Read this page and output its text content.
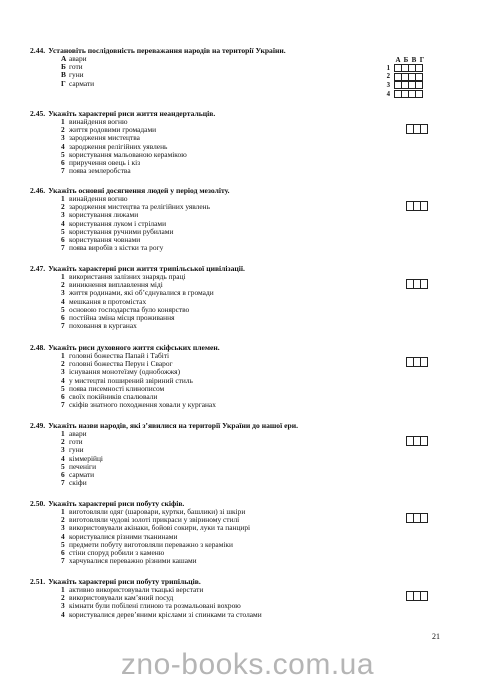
2.44. Установіть послідовність переважання народів на території України.
А авари
Б готи
В гуни
Г сармати
2.45. Укажіть характерні риси життя неандертальців.
1 винайдення вогню
2 життя родовими громадами
3 зародження мистецтва
4 зародження релігійних уявлень
5 користування мальованою керамікою
6 приручення овець і кіз
7 поява землеробства
2.46. Укажіть основні досягнення людей у період мезоліту.
1 винайдення вогню
2 зародження мистецтва та релігійних уявлень
3 користування лижами
4 користування луком і стрілами
5 користування ручними рубилами
6 користування човнами
7 поява виробів з кістки та рогу
2.47. Укажіть характерні риси життя трипільської цивілізації.
1 використання залізних знарядь праці
2 виникнення виплавлення міді
3 життя родинами, які об’єднувалися в громади
4 мешкання в протомістах
5 основою господарства було конярство
6 постійна зміна місця проживання
7 поховання в курганах
2.48. Укажіть риси духовного життя скіфських племен.
1 головні божества Папай і Табіті
2 головні божества Перун і Сварог
3 існування монотеїзму (однобожжя)
4 у мистецтві поширений звіриний стиль
5 поява писемності клинописом
6 своїх покійників спалювали
7 скіфів знатного походження ховали у курганах
2.49. Укажіть назви народів, які з’явилися на території України до нашої ери.
1 авари
2 готи
3 гуни
4 кіммерійці
5 печеніги
6 сармати
7 скіфи
2.50. Укажіть характерні риси побуту скіфів.
1 виготовляли одяг (шаровари, куртки, башлики) зі шкіри
2 виготовляли чудові золоті прикраси у звіриному стилі
3 використовували акінаки, бойові сокири, луки та панцирі
4 користувалися різними тканинами
5 предмети побуту виготовляли переважно з кераміки
6 стіни споруд робили з каменю
7 харчувалися переважно різними кашами
2.51. Укажіть характерні риси побуту трипільців.
1 активно використовували ткацькі верстати
2 використовували кам’яний посуд
3 кімнати були побілені глиною та розмальовані вохрою
4 користувалися дерев’яними кріслами зі спинками та столами
А Б В Г
1
2
3
4
21
zno-books.com.ua
